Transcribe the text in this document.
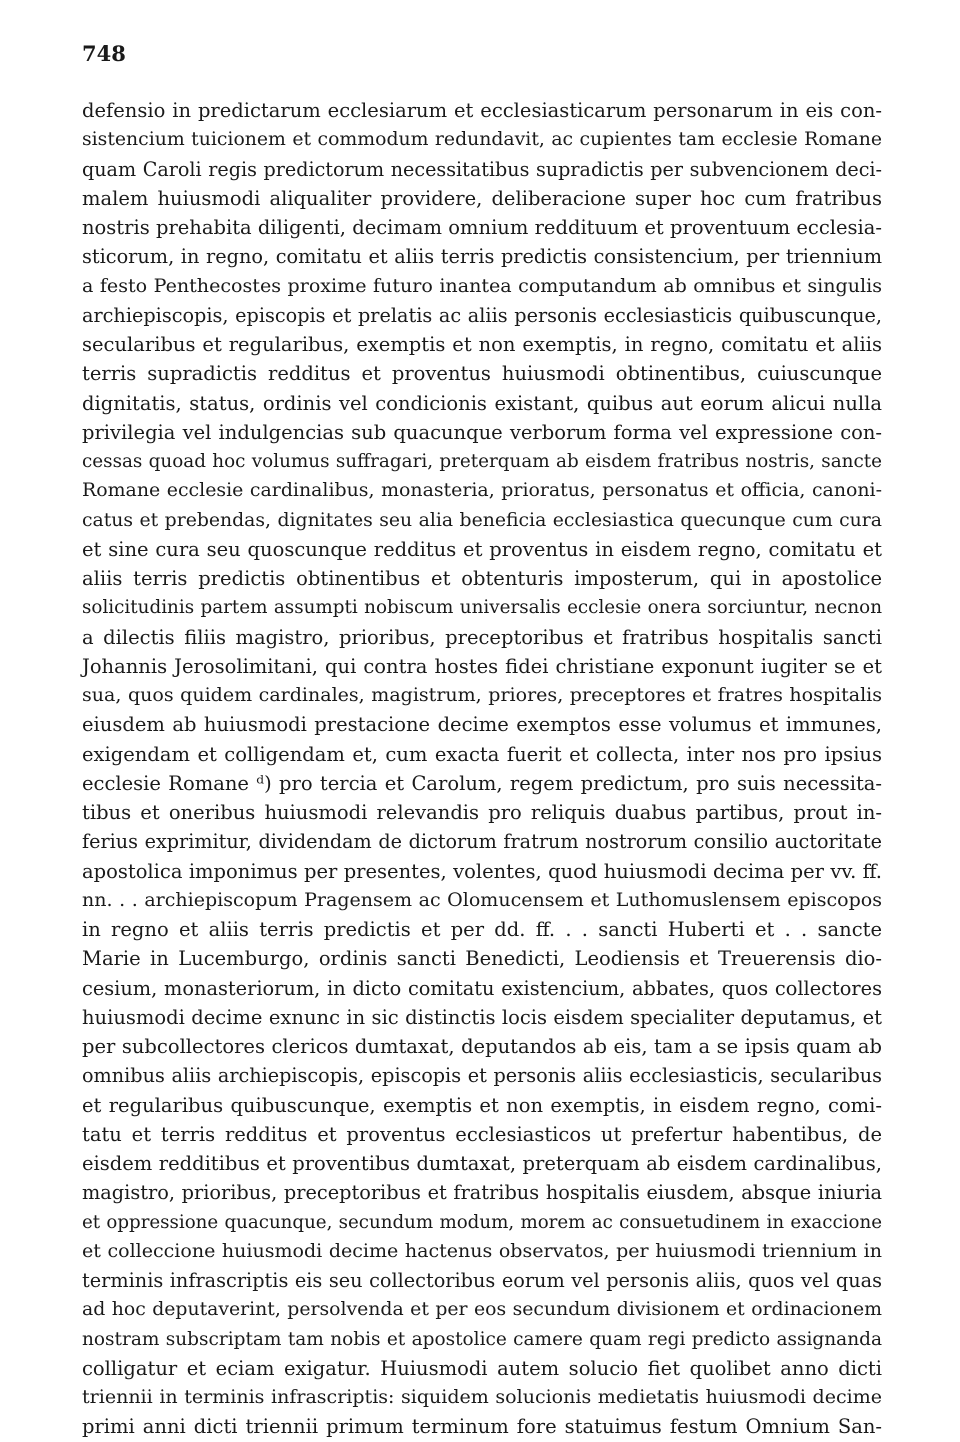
748
defensio in predictarum ecclesiarum et ecclesiasticarum personarum in eis con-
sistencium tuicionem et commodum redundavit, ac cupientes tam ecclesie Romane
quam Caroli regis predictorum necessitatibus supradictis per subvencionem deci-
malem huiusmodi aliqualiter providere, deliberacione super hoc cum fratribus
nostris prehabita diligenti, decimam omnium reddituum et proventuum ecclesia-
sticorum, in regno, comitatu et aliis terris predictis consistencium, per triennium
a festo Penthecostes proxime futuro inantea computandum ab omnibus et singulis
archiepiscopis, episcopis et prelatis ac aliis personis ecclesiasticis quibuscunque,
secularibus et regularibus, exemptis et non exemptis, in regno, comitatu et aliis
terris supradictis redditus et proventus huiusmodi obtinentibus, cuiuscunque
dignitatis, status, ordinis vel condicionis existant, quibus aut eorum alicui nulla
privilegia vel indulgencias sub quacunque verborum forma vel expressione con-
cessas quoad hoc volumus suffragari, preterquam ab eisdem fratribus nostris, sancte
Romane ecclesie cardinalibus, monasteria, prioratus, personatus et officia, canoni-
catus et prebendas, dignitates seu alia beneficia ecclesiastica quecunque cum cura
et sine cura seu quoscunque redditus et proventus in eisdem regno, comitatu et
aliis terris predictis obtinentibus et obtenturis imposterum, qui in apostolice
solicitudinis partem assumpti nobiscum universalis ecclesie onera sorciuntur, necnon
a dilectis filiis magistro, prioribus, preceptoribus et fratribus hospitalis sancti
Johannis Jerosolimitani, qui contra hostes fidei christiane exponunt iugiter se et
sua, quos quidem cardinales, magistrum, priores, preceptores et fratres hospitalis
eiusdem ab huiusmodi prestacione decime exemptos esse volumus et immunes,
exigendam et colligendam et, cum exacta fuerit et collecta, inter nos pro ipsius
ecclesie Romane ᵈ) pro tercia et Carolum, regem predictum, pro suis necessita-
tibus et oneribus huiusmodi relevandis pro reliquis duabus partibus, prout in-
ferius exprimitur, dividendam de dictorum fratrum nostrorum consilio auctoritate
apostolica imponimus per presentes, volentes, quod huiusmodi decima per vv. ff.
nn. . . archiepiscopum Pragensem ac Olomucensem et Luthomuslensem episcopos
in regno et aliis terris predictis et per dd. ff. . . sancti Huberti et . . sancte
Marie in Lucemburgo, ordinis sancti Benedicti, Leodiensis et Treuerensis dio-
cesium, monasteriorum, in dicto comitatu existencium, abbates, quos collectores
huiusmodi decime exnunc in sic distinctis locis eisdem specialiter deputamus, et
per subcollectores clericos dumtaxat, deputandos ab eis, tam a se ipsis quam ab
omnibus aliis archiepiscopis, episcopis et personis aliis ecclesiasticis, secularibus
et regularibus quibuscunque, exemptis et non exemptis, in eisdem regno, comi-
tatu et terris redditus et proventus ecclesiasticos ut prefertur habentibus, de
eisdem redditibus et proventibus dumtaxat, preterquam ab eisdem cardinalibus,
magistro, prioribus, preceptoribus et fratribus hospitalis eiusdem, absque iniuria
et oppressione quacunque, secundum modum, morem ac consuetudinem in exaccione
et colleccione huiusmodi decime hactenus observatos, per huiusmodi triennium in
terminis infrascriptis eis seu collectoribus eorum vel personis aliis, quos vel quas
ad hoc deputaverint, persolvenda et per eos secundum divisionem et ordinacionem
nostram subscriptam tam nobis et apostolice camere quam regi predicto assignanda
colligatur et eciam exigatur. Huiusmodi autem solucio fiet quolibet anno dicti
triennii in terminis infrascriptis: siquidem solucionis medietatis huiusmodi decime
primi anni dicti triennii primum terminum fore statuimus festum Omnium San-
